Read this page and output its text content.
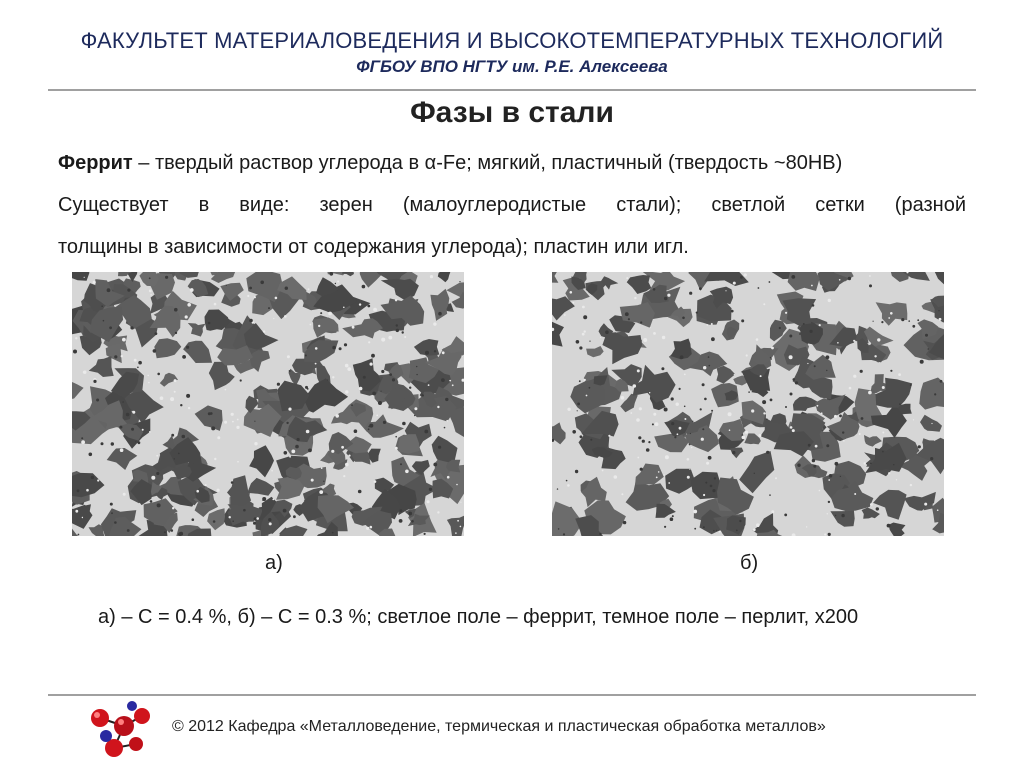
ФАКУЛЬТЕТ МАТЕРИАЛОВЕДЕНИЯ И ВЫСОКОТЕМПЕРАТУРНЫХ ТЕХНОЛОГИЙ
ФГБОУ ВПО НГТУ им. Р.Е. Алексеева
Фазы в стали
Феррит – твердый раствор углерода в α-Fe; мягкий, пластичный (твердость ~80НВ)
Существует в виде: зерен (малоуглеродистые стали); светлой сетки (разной
толщины в зависимости от содержания углерода); пластин или игл.
а)	б)
а) – С = 0.4 %, б) – С = 0.3 %; светлое поле – феррит, темное поле – перлит, х200
© 2012 Кафедра «Металловедение, термическая и пластическая обработка металлов»
